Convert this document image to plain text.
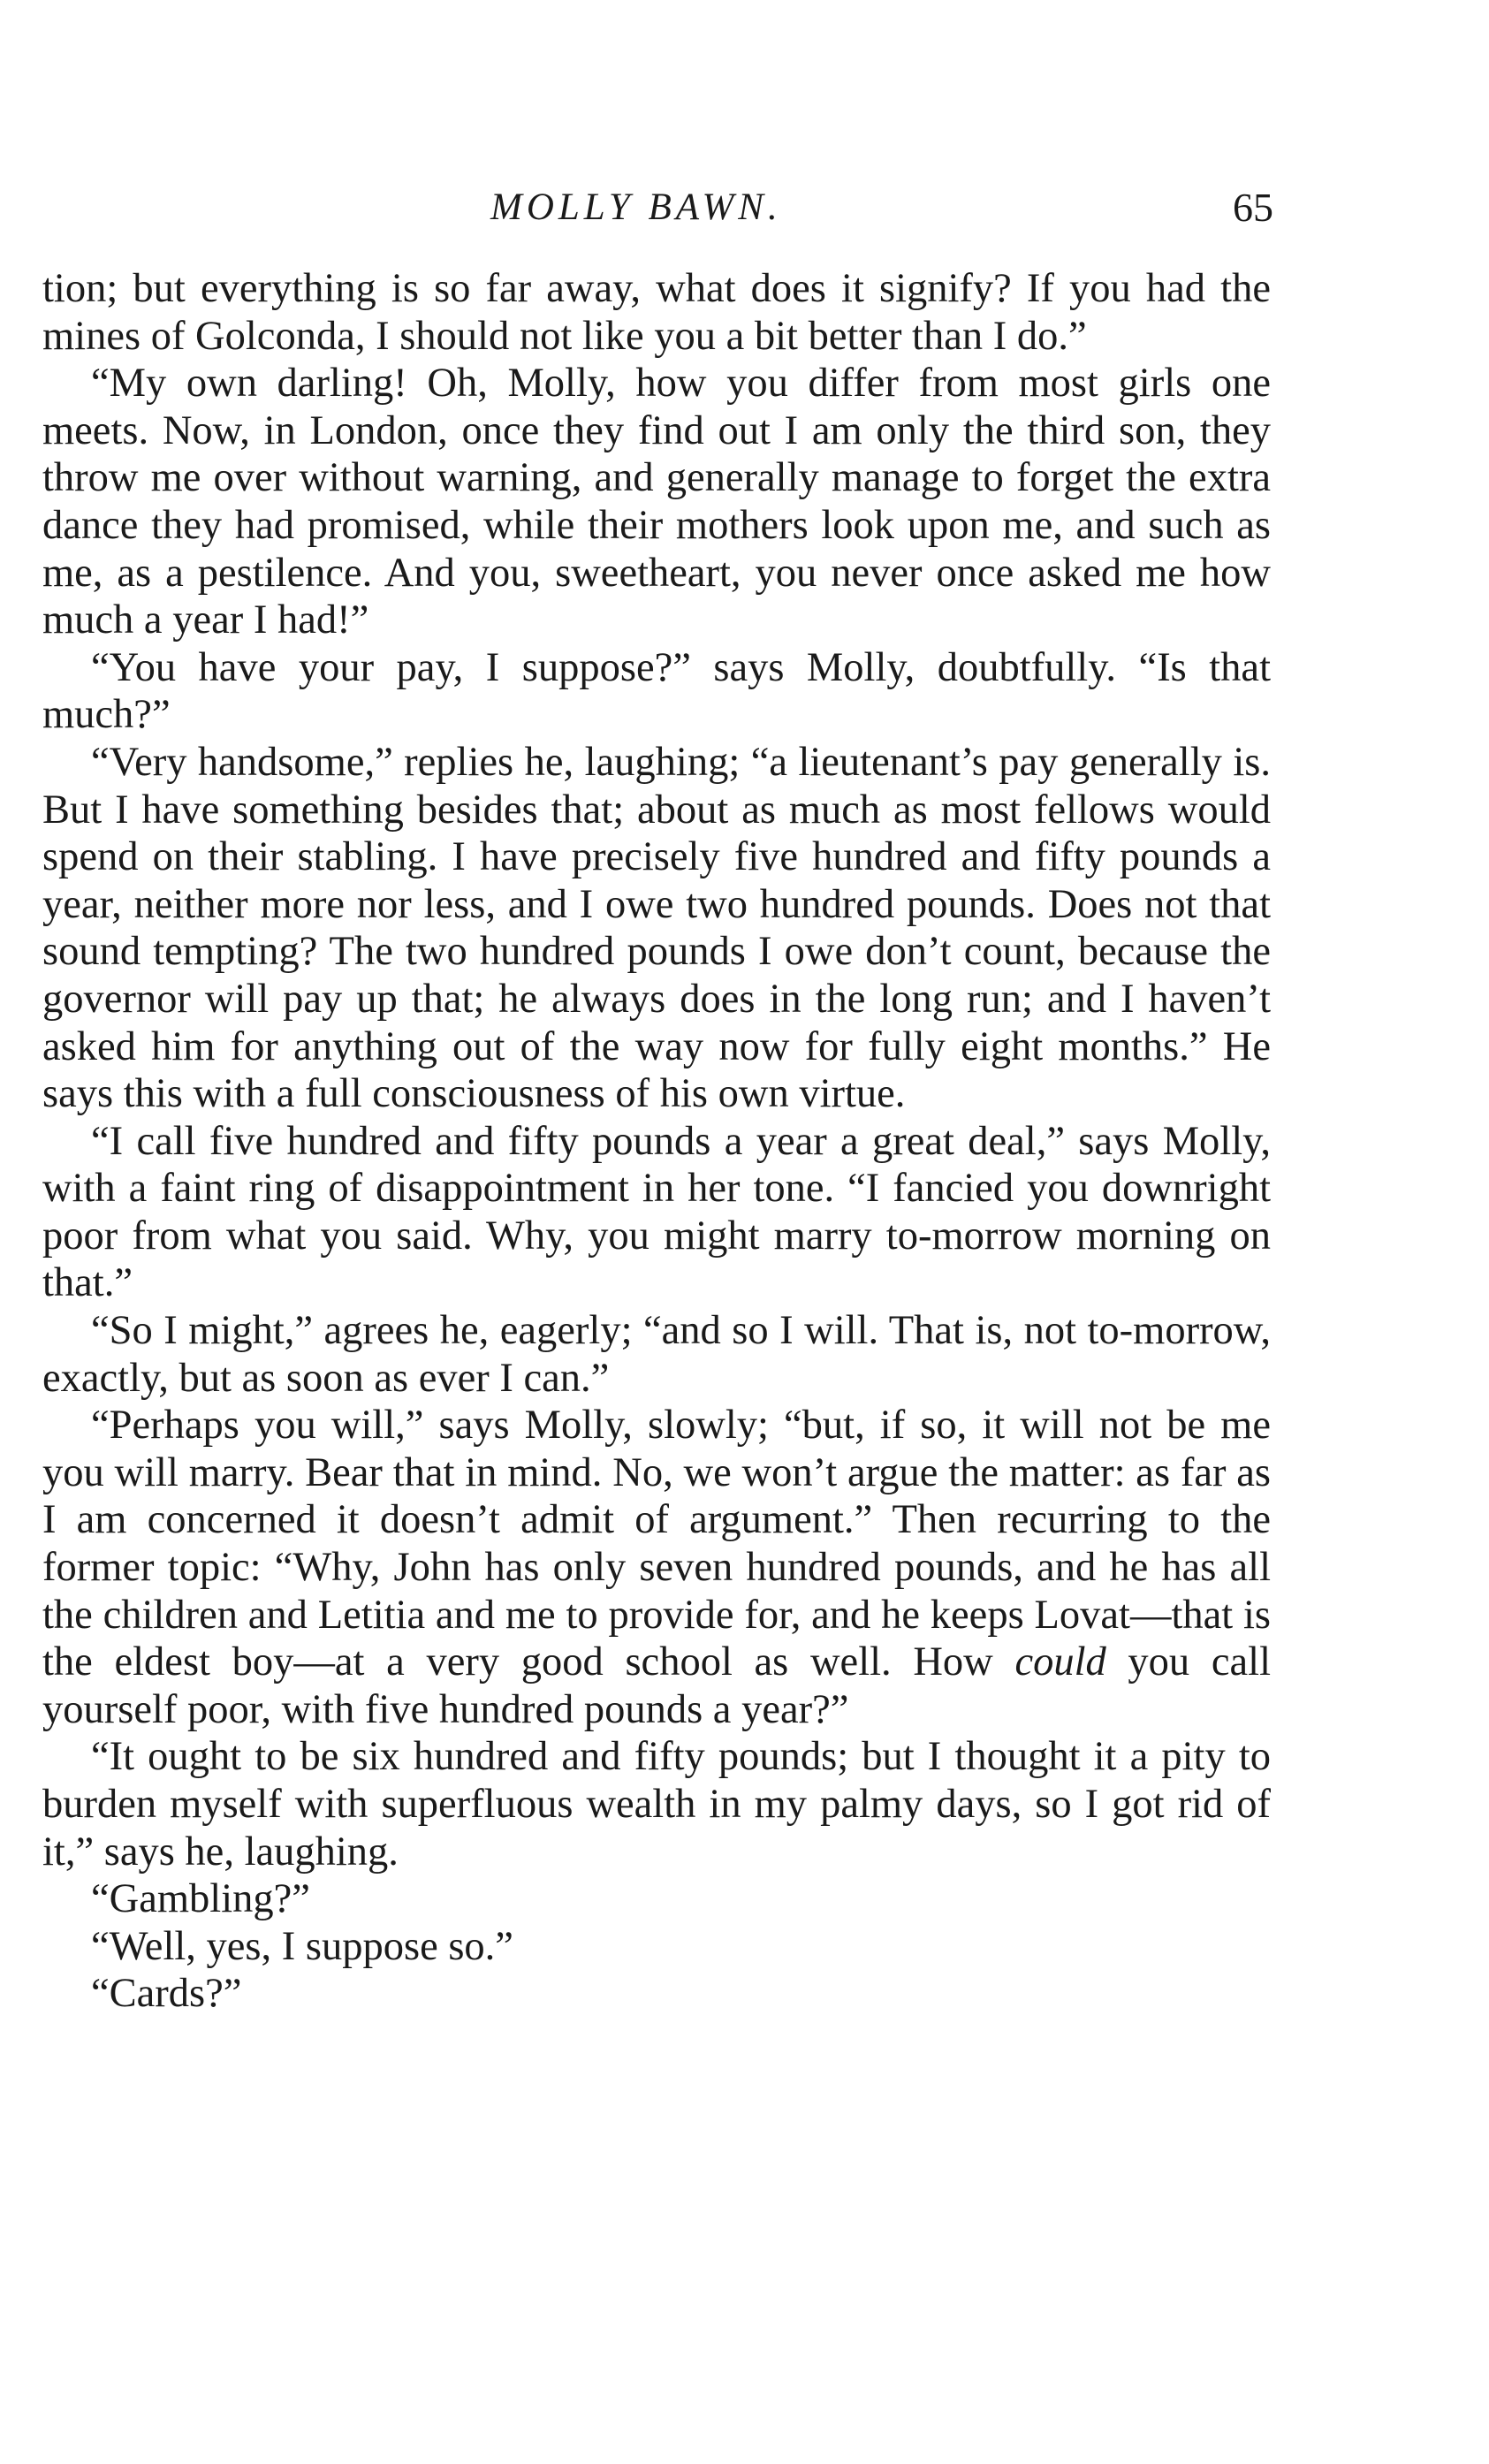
MOLLY BAWN.	65

tion; but everything is so far away, what does it signify? If you had the mines of Golconda, I should not like you a bit better than I do.”

“My own darling! Oh, Molly, how you differ from most girls one meets. Now, in London, once they find out I am only the third son, they throw me over without warning, and generally manage to forget the extra dance they had promised, while their mothers look upon me, and such as me, as a pestilence. And you, sweetheart, you never once asked me how much a year I had!”

“You have your pay, I suppose?” says Molly, doubtfully. “Is that much?”

“Very handsome,” replies he, laughing; “a lieutenant’s pay generally is. But I have something besides that; about as much as most fellows would spend on their stabling. I have precisely five hundred and fifty pounds a year, neither more nor less, and I owe two hundred pounds. Does not that sound tempting? The two hundred pounds I owe don’t count, because the governor will pay up that; he always does in the long run; and I haven’t asked him for anything out of the way now for fully eight months.” He says this with a full consciousness of his own virtue.

“I call five hundred and fifty pounds a year a great deal,” says Molly, with a faint ring of disappointment in her tone. “I fancied you downright poor from what you said. Why, you might marry to-morrow morning on that.”

“So I might,” agrees he, eagerly; “and so I will. That is, not to-morrow, exactly, but as soon as ever I can.”

“Perhaps you will,” says Molly, slowly; “but, if so, it will not be me you will marry. Bear that in mind. No, we won’t argue the matter: as far as I am concerned it doesn’t admit of argument.” Then recurring to the former topic: “Why, John has only seven hundred pounds, and he has all the children and Letitia and me to provide for, and he keeps Lovat—that is the eldest boy—at a very good school as well. How could you call yourself poor, with five hundred pounds a year?”

“It ought to be six hundred and fifty pounds; but I thought it a pity to burden myself with superfluous wealth in my palmy days, so I got rid of it,” says he, laughing.

“Gambling?”

“Well, yes, I suppose so.”

“Cards?”
